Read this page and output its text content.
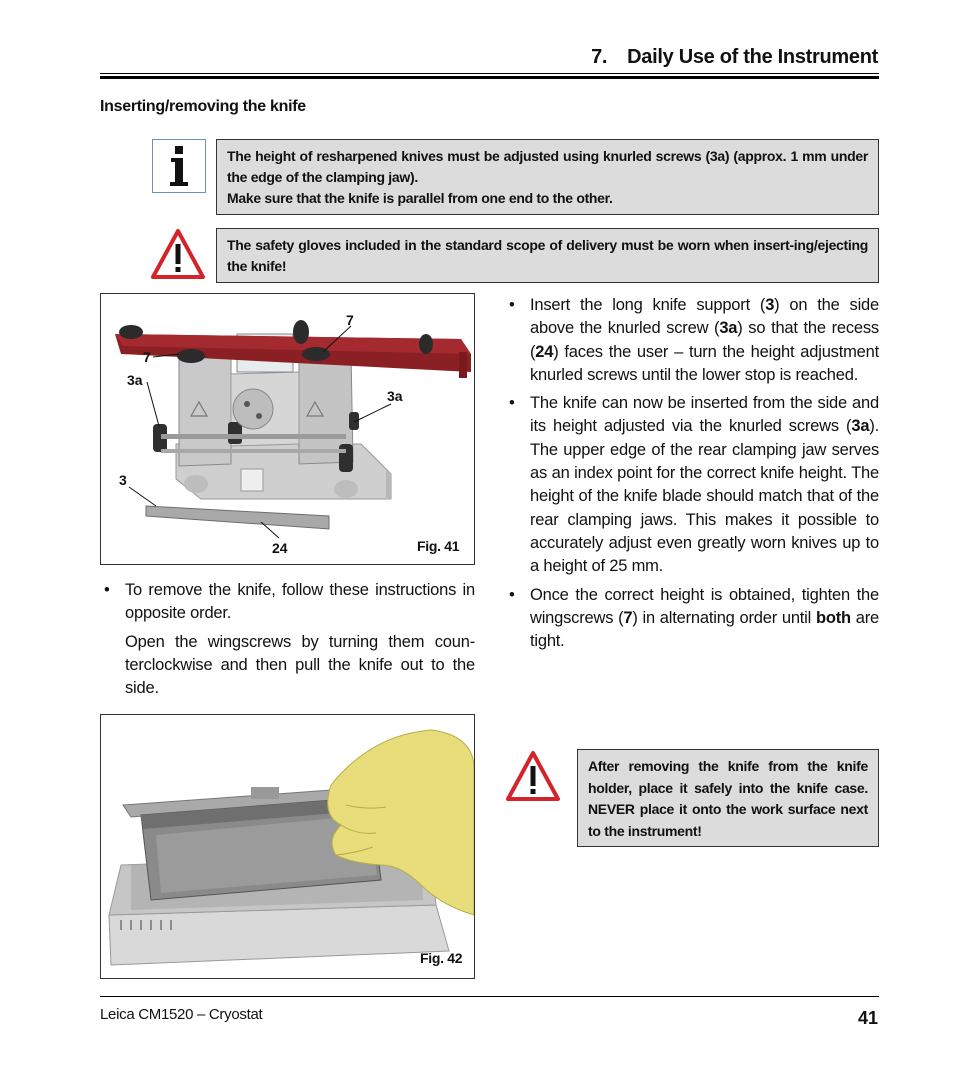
7. Daily Use of the Instrument
Inserting/removing the knife

The height of resharpened knives must be adjusted using knurled screws (3a) (approx. 1 mm under the edge of the clamping jaw).

Make sure that the knife is parallel from one end to the other.

The safety gloves included in the standard scope of delivery must be worn when insert-ing/ejecting the knife!

7
7
3a
3a
3
24	Fig. 41
• To remove the knife, follow these instructions in opposite order.

Open the wingscrews by turning them coun-terclockwise and then pull the knife out to the side.

• Insert the long knife support (3) on the side above the knurled screw (3a) so that the recess (24) faces the user – turn the height adjustment knurled screws until the lower stop is reached.
• The knife can now be inserted from the side and its height adjusted via the knurled screws (3a). The upper edge of the rear clamping jaw serves as an index point for the correct knife height. The height of the knife blade should match that of the rear clamping jaws. This makes it possible to accurately adjust even greatly worn knives up to a height of 25 mm.
• Once the correct height is obtained, tighten the wingscrews (7) in alternating order until both are tight.
Fig. 42

After removing the knife from the knife holder, place it safely into the knife case. NEVER place it onto the work surface next to the instrument!

Leica CM1520 – Cryostat	41
